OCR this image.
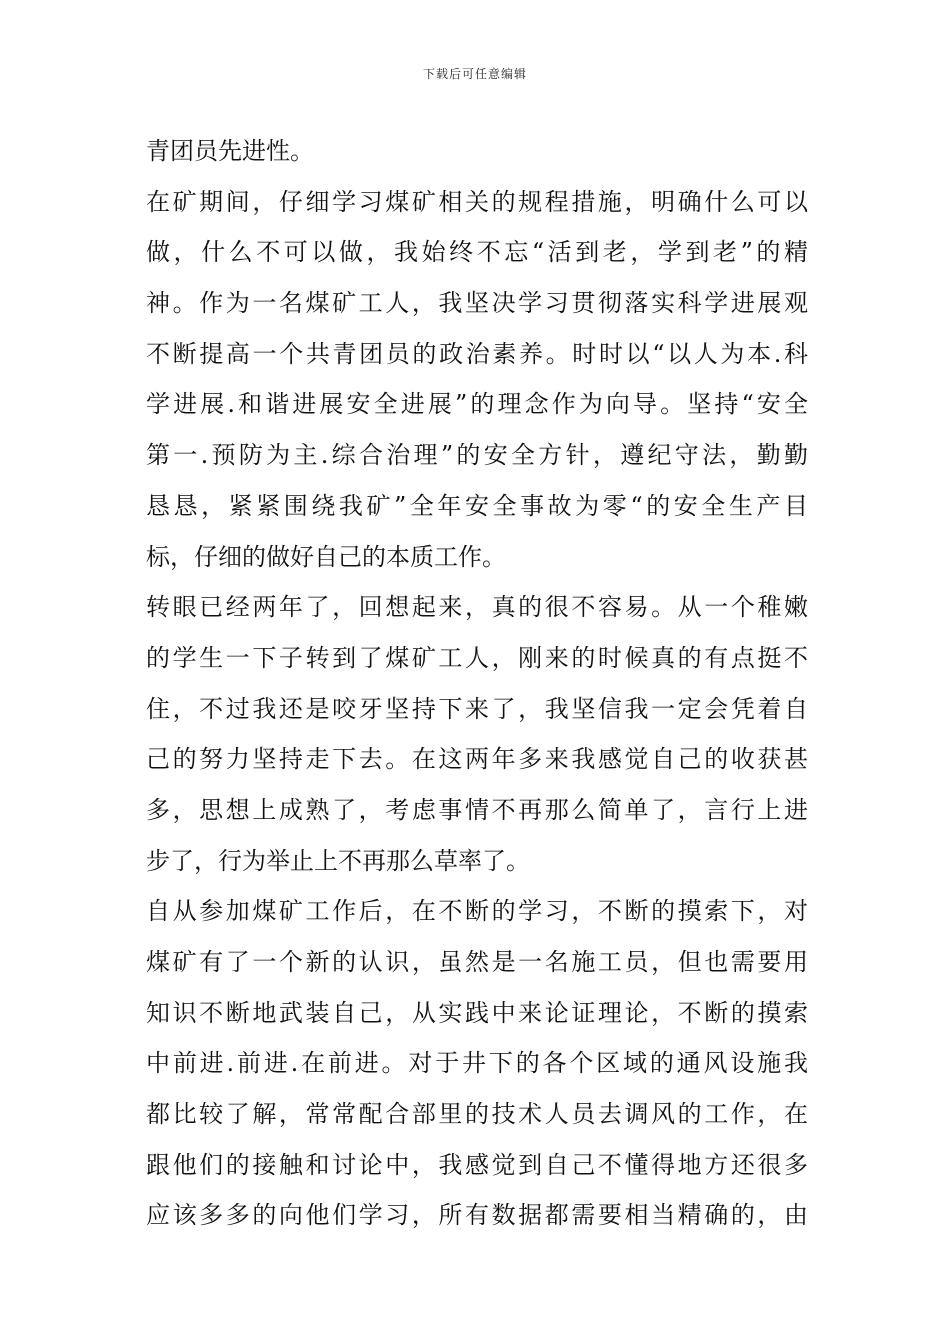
下载后可任意编辑
青团员先进性。
在矿期间，仔细学习煤矿相关的规程措施，明确什么可以
做，什么不可以做，我始终不忘“活到老，学到老”的精
神。作为一名煤矿工人，我坚决学习贯彻落实科学进展观
不断提高一个共青团员的政治素养。时时以“以人为本.科
学进展.和谐进展安全进展”的理念作为向导。坚持“安全
第一.预防为主.综合治理”的安全方针，遵纪守法，勤勤
恳恳，紧紧围绕我矿”全年安全事故为零“的安全生产目
标，仔细的做好自己的本质工作。
转眼已经两年了，回想起来，真的很不容易。从一个稚嫩
的学生一下子转到了煤矿工人，刚来的时候真的有点挺不
住，不过我还是咬牙坚持下来了，我坚信我一定会凭着自
己的努力坚持走下去。在这两年多来我感觉自己的收获甚
多，思想上成熟了，考虑事情不再那么简单了，言行上进
步了，行为举止上不再那么草率了。
自从参加煤矿工作后，在不断的学习，不断的摸索下，对
煤矿有了一个新的认识，虽然是一名施工员，但也需要用
知识不断地武装自己，从实践中来论证理论，不断的摸索
中前进.前进.在前进。对于井下的各个区域的通风设施我
都比较了解，常常配合部里的技术人员去调风的工作，在
跟他们的接触和讨论中，我感觉到自己不懂得地方还很多
应该多多的向他们学习，所有数据都需要相当精确的，由
